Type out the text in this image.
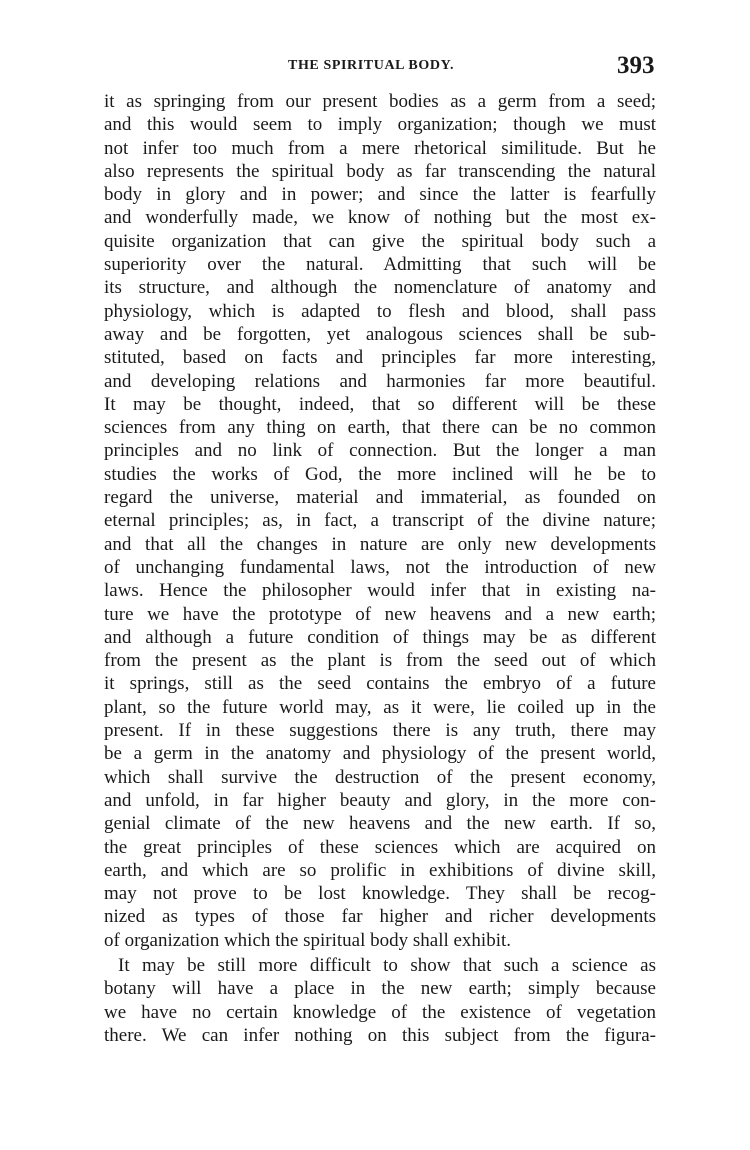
THE SPIRITUAL BODY.	393
it as springing from our present bodies as a germ from a seed;
and this would seem to imply organization; though we must
not infer too much from a mere rhetorical similitude. But he
also represents the spiritual body as far transcending the natural
body in glory and in power; and since the latter is fearfully
and wonderfully made, we know of nothing but the most ex-
quisite organization that can give the spiritual body such a
superiority over the natural. Admitting that such will be
its structure, and although the nomenclature of anatomy and
physiology, which is adapted to flesh and blood, shall pass
away and be forgotten, yet analogous sciences shall be sub-
stituted, based on facts and principles far more interesting,
and developing relations and harmonies far more beautiful.
It may be thought, indeed, that so different will be these
sciences from any thing on earth, that there can be no common
principles and no link of connection. But the longer a man
studies the works of God, the more inclined will he be to
regard the universe, material and immaterial, as founded on
eternal principles; as, in fact, a transcript of the divine nature;
and that all the changes in nature are only new developments
of unchanging fundamental laws, not the introduction of new
laws. Hence the philosopher would infer that in existing na-
ture we have the prototype of new heavens and a new earth;
and although a future condition of things may be as different
from the present as the plant is from the seed out of which
it springs, still as the seed contains the embryo of a future
plant, so the future world may, as it were, lie coiled up in the
present. If in these suggestions there is any truth, there may
be a germ in the anatomy and physiology of the present world,
which shall survive the destruction of the present economy,
and unfold, in far higher beauty and glory, in the more con-
genial climate of the new heavens and the new earth. If so,
the great principles of these sciences which are acquired on
earth, and which are so prolific in exhibitions of divine skill,
may not prove to be lost knowledge. They shall be recog-
nized as types of those far higher and richer developments
of organization which the spiritual body shall exhibit.
It may be still more difficult to show that such a science as
botany will have a place in the new earth; simply because
we have no certain knowledge of the existence of vegetation
there. We can infer nothing on this subject from the figura-
